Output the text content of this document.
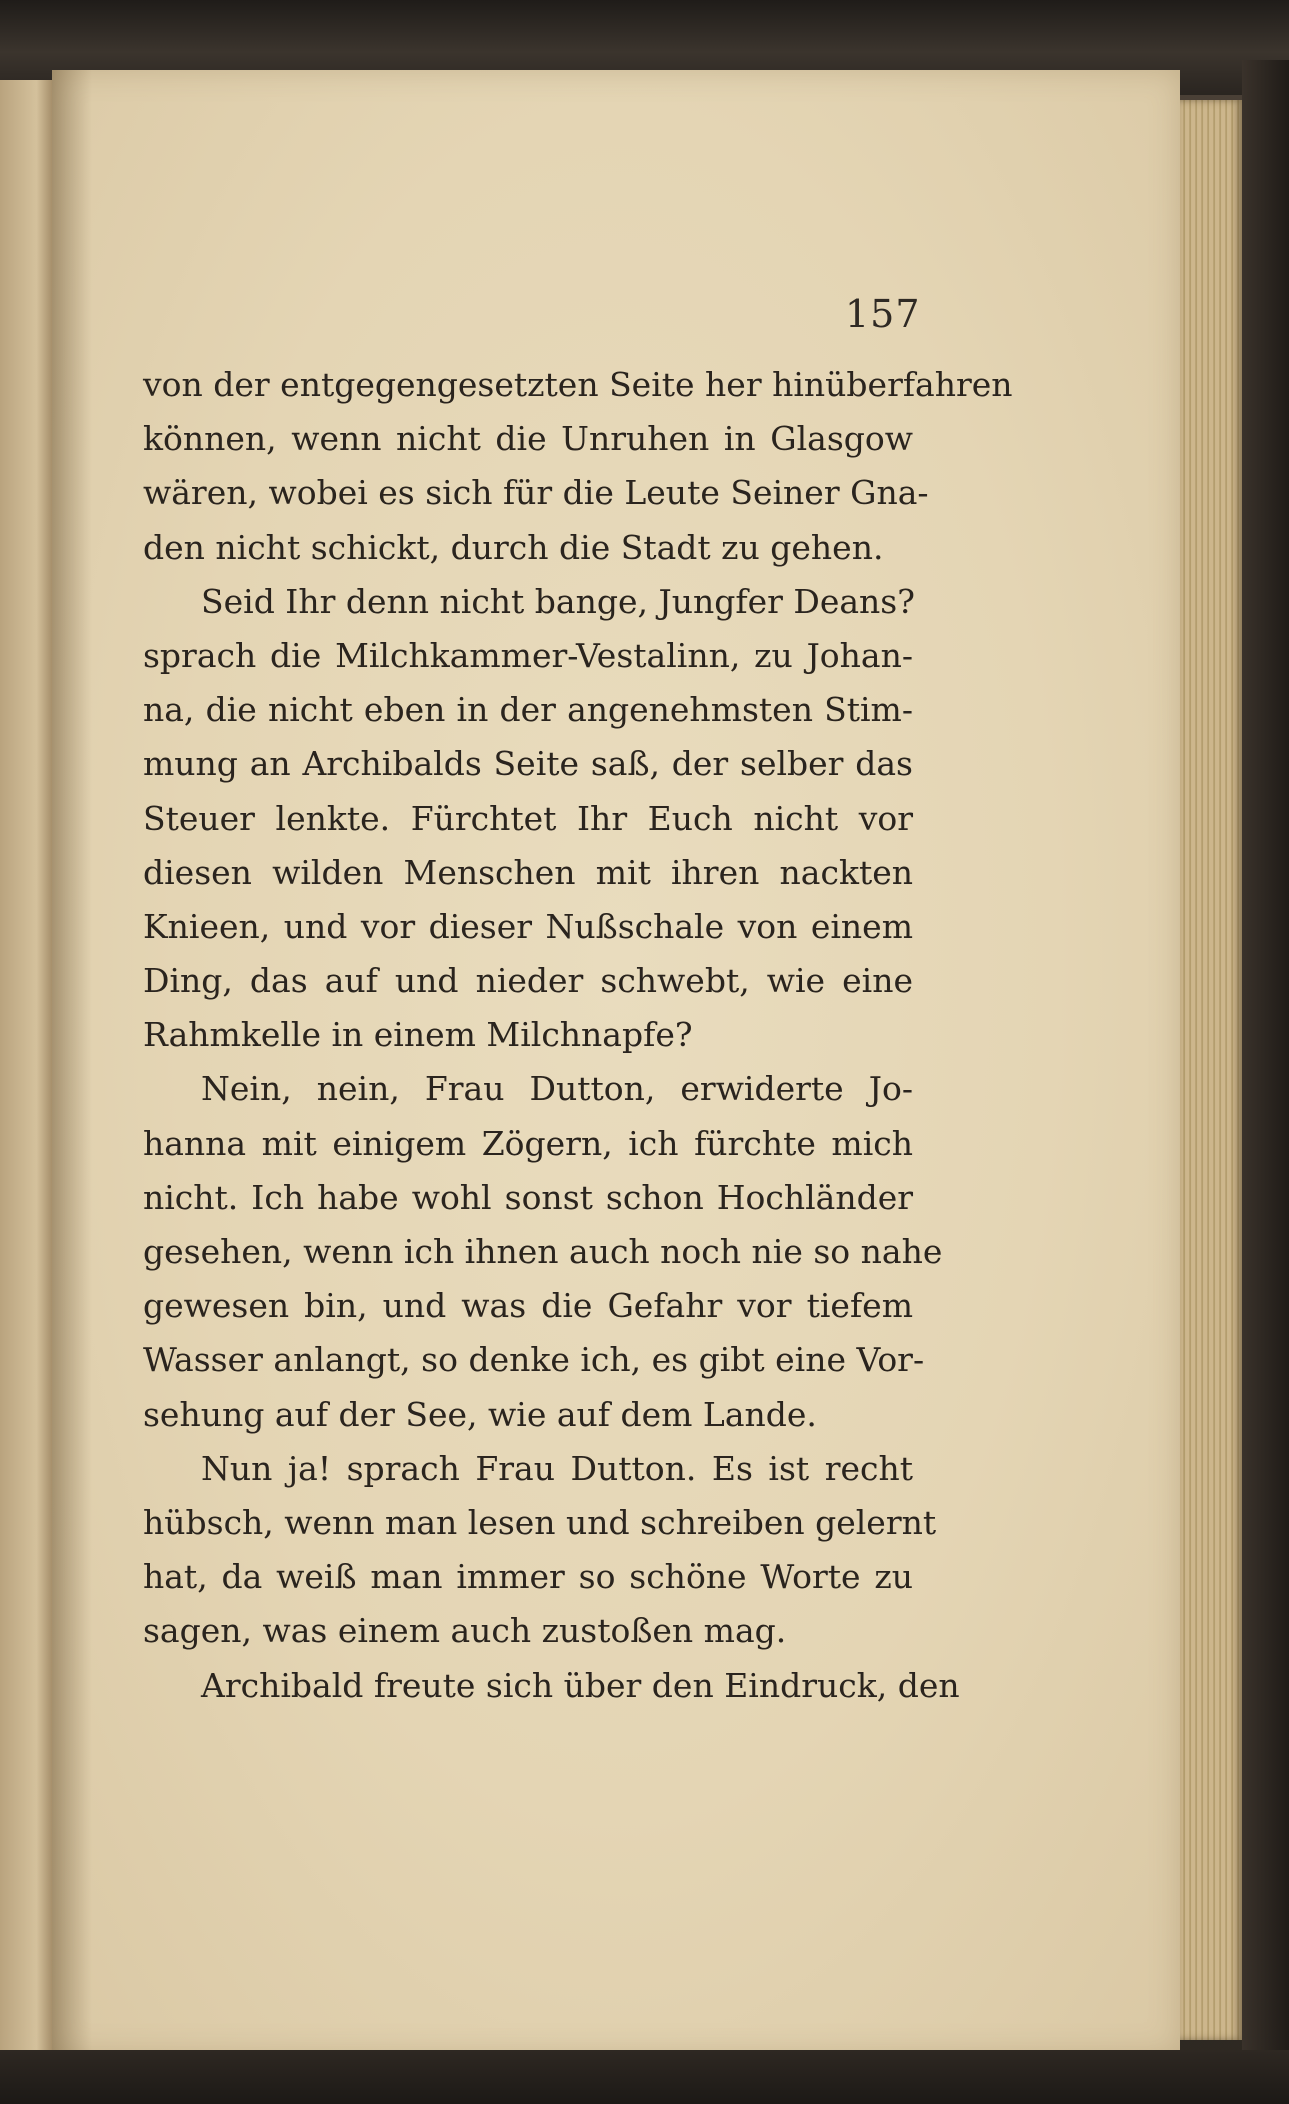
157
von der entgegengesetzten Seite her hinüberfahren
können, wenn nicht die Unruhen in Glasgow
wären, wobei es sich für die Leute Seiner Gna-
den nicht schickt, durch die Stadt zu gehen.
Seid Ihr denn nicht bange, Jungfer Deans?
sprach die Milchkammer-Vestalinn, zu Johan-
na, die nicht eben in der angenehmsten Stim-
mung an Archibalds Seite saß, der selber das
Steuer lenkte. Fürchtet Ihr Euch nicht vor
diesen wilden Menschen mit ihren nackten
Knieen, und vor dieser Nußschale von einem
Ding, das auf und nieder schwebt, wie eine
Rahmkelle in einem Milchnapfe?
Nein, nein, Frau Dutton, erwiderte Jo-
hanna mit einigem Zögern, ich fürchte mich
nicht. Ich habe wohl sonst schon Hochländer
gesehen, wenn ich ihnen auch noch nie so nahe
gewesen bin, und was die Gefahr vor tiefem
Wasser anlangt, so denke ich, es gibt eine Vor-
sehung auf der See, wie auf dem Lande.
Nun ja! sprach Frau Dutton. Es ist recht
hübsch, wenn man lesen und schreiben gelernt
hat, da weiß man immer so schöne Worte zu
sagen, was einem auch zustoßen mag.
Archibald freute sich über den Eindruck, den
